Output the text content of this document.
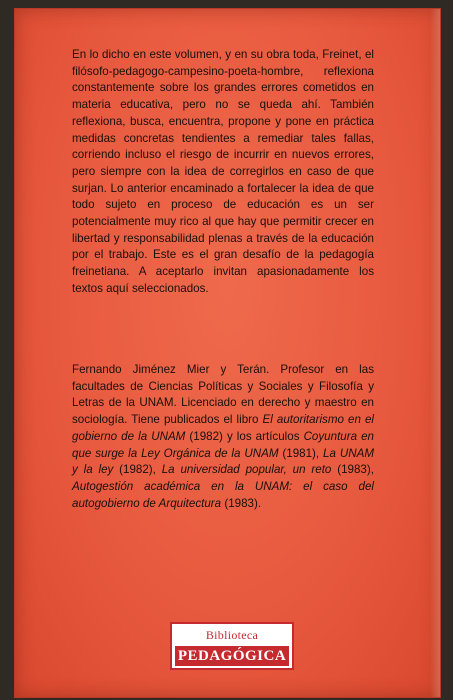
En lo dicho en este volumen, y en su obra toda, Freinet, el filósofo-pedagogo-campesino-poeta-hombre, reflexiona constantemente sobre los grandes errores cometidos en materia educativa, pero no se queda ahí. También reflexiona, busca, encuentra, propone y pone en práctica medidas concretas tendientes a remediar tales fallas, corriendo incluso el riesgo de incurrir en nuevos errores, pero siempre con la idea de corregirlos en caso de que surjan. Lo anterior encaminado a fortalecer la idea de que todo sujeto en proceso de educación es un ser potencialmente muy rico al que hay que permitir crecer en libertad y responsabilidad plenas a través de la educación por el trabajo. Este es el gran desafío de la pedagogía freinetiana. A aceptarlo invitan apasionadamente los textos aquí seleccionados.

Fernando Jiménez Mier y Terán. Profesor en las facultades de Ciencias Políticas y Sociales y Filosofía y Letras de la UNAM. Licenciado en derecho y maestro en sociología. Tiene publicados el libro El autoritarismo en el gobierno de la UNAM (1982) y los artículos Coyuntura en que surge la Ley Orgánica de la UNAM (1981), La UNAM y la ley (1982), La universidad popular, un reto (1983), Autogestión académica en la UNAM: el caso del autogobierno de Arquitectura (1983).

Biblioteca
PEDAGÓGICA
